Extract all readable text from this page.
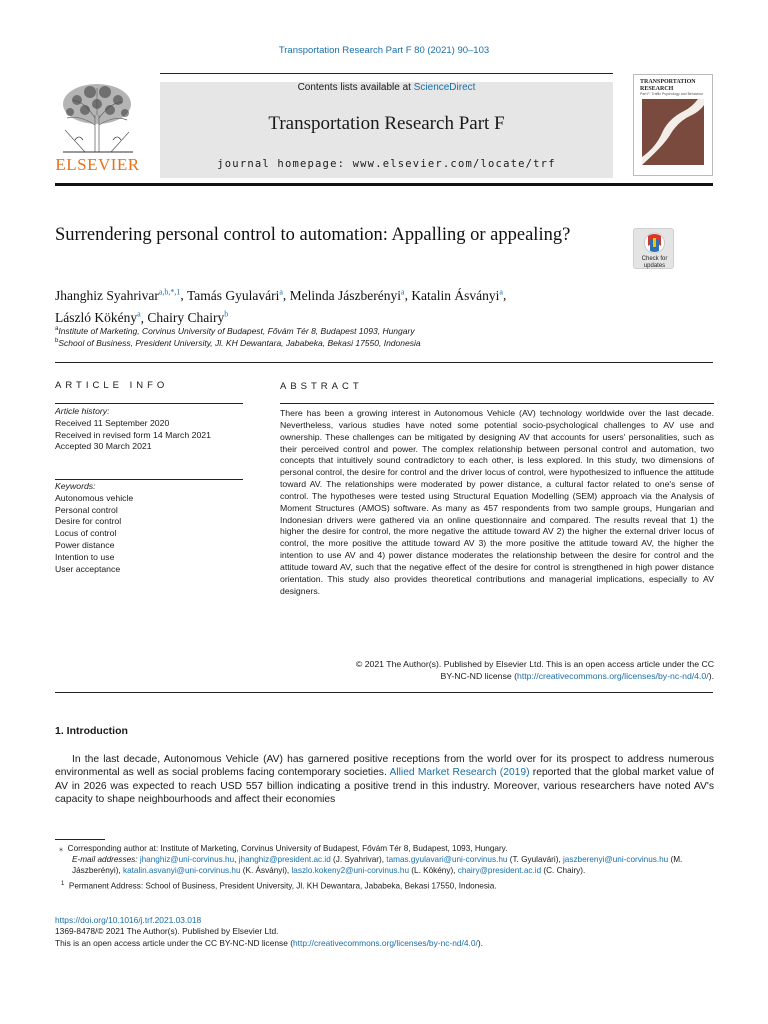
Transportation Research Part F 80 (2021) 90–103
ELSEVIER
Contents lists available at ScienceDirect
Transportation Research Part F
journal homepage: www.elsevier.com/locate/trf
TRANSPORTATION RESEARCH
Part F: Traffic Psychology and Behaviour
Surrendering personal control to automation: Appalling or appealing?
Check for updates
Jhanghiz Syahrivar$^{a,b,*,1}$, Tamás Gyulavári$^a$, Melinda Jászberényi$^a$, Katalin Ásványi$^a$,
László Kökény$^a$, Chairy Chairy$^b$
$^a$Institute of Marketing, Corvinus University of Budapest, Fővám Tér 8, Budapest 1093, Hungary
$^b$School of Business, President University, Jl. KH Dewantara, Jababeka, Bekasi 17550, Indonesia
ARTICLE INFO	ABSTRACT
Article history:
Received 11 September 2020
Received in revised form 14 March 2021
Accepted 30 March 2021
Keywords:
Autonomous vehicle
Personal control
Desire for control
Locus of control
Power distance
Intention to use
User acceptance
There has been a growing interest in Autonomous Vehicle (AV) technology worldwide over the last decade. Nevertheless, various studies have noted some potential socio-psychological challenges to AV use and ownership. These challenges can be mitigated by designing AV that accounts for users' personalities, such as their perceived control and power. The complex relationship between personal control and automation, two concepts that intuitively sound contradictory to each other, is less explored. In this study, two dimensions of personal control, the desire for control and the driver locus of control, were hypothesized to influence the attitude toward AV. The relationships were moderated by power distance, a cultural factor related to one's sense of control. The hypotheses were tested using Structural Equation Modelling (SEM) approach via the Analysis of Moment Structures (AMOS) software. As many as 457 respondents from two sample groups, Hungarian and Indonesian drivers were gathered via an online questionnaire and compared. The results reveal that 1) the higher the desire for control, the more negative the attitude toward AV 2) the higher the external driver locus of control, the more positive the attitude toward AV 3) the more positive the attitude toward AV, the higher the intention to use AV and 4) power distance moderates the relationship between the desire for control and the attitude toward AV, such that the negative effect of the desire for control is strengthened in high power distance orientation. This study also provides theoretical contributions and managerial implications, especially to AV designers.
© 2021 The Author(s). Published by Elsevier Ltd. This is an open access article under the CC
BY-NC-ND license (http://creativecommons.org/licenses/by-nc-nd/4.0/).
1. Introduction
In the last decade, Autonomous Vehicle (AV) has garnered positive receptions from the world over for its prospect to address numerous environmental as well as social problems facing contemporary societies. Allied Market Research (2019) reported that the global market value of AV in 2026 was expected to reach USD 557 billion indicating a positive trend in this industry. Moreover, various researchers have noted AV's capacity to shape neighbourhoods and affect their economies

⁎ Corresponding author at: Institute of Marketing, Corvinus University of Budapest, Fővám Tér 8, Budapest, 1093, Hungary.

E-mail addresses: jhanghiz@uni-corvinus.hu, jhanghiz@president.ac.id (J. Syahrivar), tamas.gyulavari@uni-corvinus.hu (T. Gyulavári), jaszberenyi@uni-corvinus.hu (M. Jászberényi), katalin.asvanyi@uni-corvinus.hu (K. Ásványi), laszlo.kokeny2@uni-corvinus.hu (L. Kökény), chairy@president.ac.id (C. Chairy).

$^1$ Permanent Address: School of Business, President University, Jl. KH Dewantara, Jababeka, Bekasi 17550, Indonesia.

https://doi.org/10.1016/j.trf.2021.03.018
1369-8478/© 2021 The Author(s). Published by Elsevier Ltd.
This is an open access article under the CC BY-NC-ND license (http://creativecommons.org/licenses/by-nc-nd/4.0/).
